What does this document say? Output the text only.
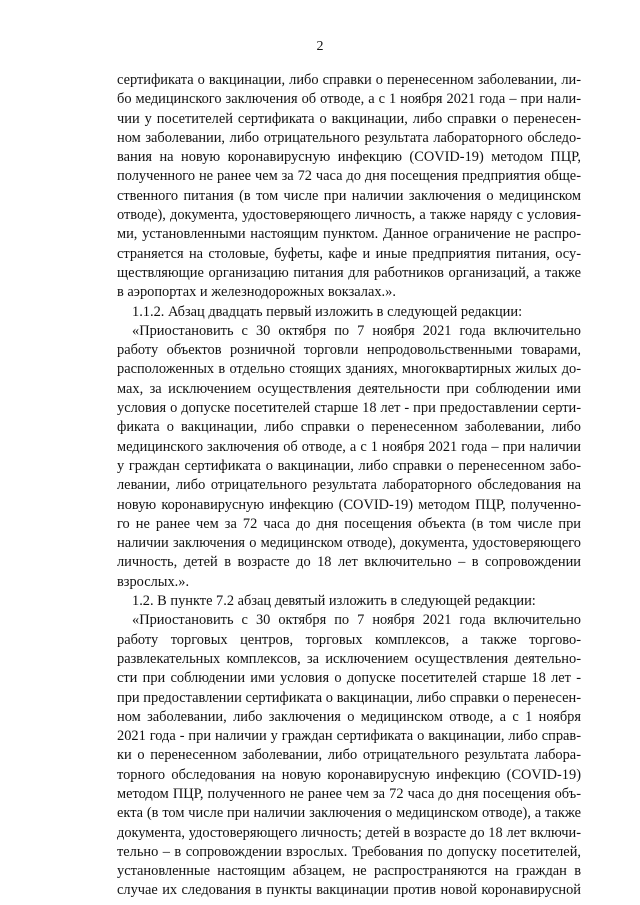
2
сертификата о вакцинации, либо справки о перенесенном заболевании, ли-
бо медицинского заключения об отводе, а с 1 ноября 2021 года – при нали-
чии у посетителей сертификата о вакцинации, либо справки о перенесен-
ном заболевании, либо отрицательного результата лабораторного обследо-
вания на новую коронавирусную инфекцию (COVID-19) методом ПЦР,
полученного не ранее чем за 72 часа до дня посещения предприятия обще-
ственного питания (в том числе при наличии заключения о медицинском
отводе), документа, удостоверяющего личность, а также наряду с условия-
ми, установленными настоящим пунктом. Данное ограничение не распро-
страняется на столовые, буфеты, кафе и иные предприятия питания, осу-
ществляющие организацию питания для работников организаций, а также
в аэропортах и железнодорожных вокзалах.».
1.1.2. Абзац двадцать первый изложить в следующей редакции:
«Приостановить с 30 октября по 7 ноября 2021 года включительно
работу объектов розничной торговли непродовольственными товарами,
расположенных в отдельно стоящих зданиях, многоквартирных жилых до-
мах, за исключением осуществления деятельности при соблюдении ими
условия о допуске посетителей старше 18 лет - при предоставлении серти-
фиката о вакцинации, либо справки о перенесенном заболевании, либо
медицинского заключения об отводе, а с 1 ноября 2021 года – при наличии
у граждан сертификата о вакцинации, либо справки о перенесенном забо-
левании, либо отрицательного результата лабораторного обследования на
новую коронавирусную инфекцию (COVID-19) методом ПЦР, полученно-
го не ранее чем за 72 часа до дня посещения объекта (в том числе при
наличии заключения о медицинском отводе), документа, удостоверяющего
личность, детей в возрасте до 18 лет включительно – в сопровождении
взрослых.».
1.2. В пункте 7.2 абзац девятый изложить в следующей редакции:
«Приостановить с 30 октября по 7 ноября 2021 года включительно
работу торговых центров, торговых комплексов, а также торгово-
развлекательных комплексов, за исключением осуществления деятельно-
сти при соблюдении ими условия о допуске посетителей старше 18 лет -
при предоставлении сертификата о вакцинации, либо справки о перенесен-
ном заболевании, либо заключения о медицинском отводе, а с 1 ноября
2021 года - при наличии у граждан сертификата о вакцинации, либо справ-
ки о перенесенном заболевании, либо отрицательного результата лабора-
торного обследования на новую коронавирусную инфекцию (COVID-19)
методом ПЦР, полученного не ранее чем за 72 часа до дня посещения объ-
екта (в том числе при наличии заключения о медицинском отводе), а также
документа, удостоверяющего личность; детей в возрасте до 18 лет включи-
тельно – в сопровождении взрослых. Требования по допуску посетителей,
установленные настоящим абзацем, не распространяются на граждан в
случае их следования в пункты вакцинации против новой коронавирусной
